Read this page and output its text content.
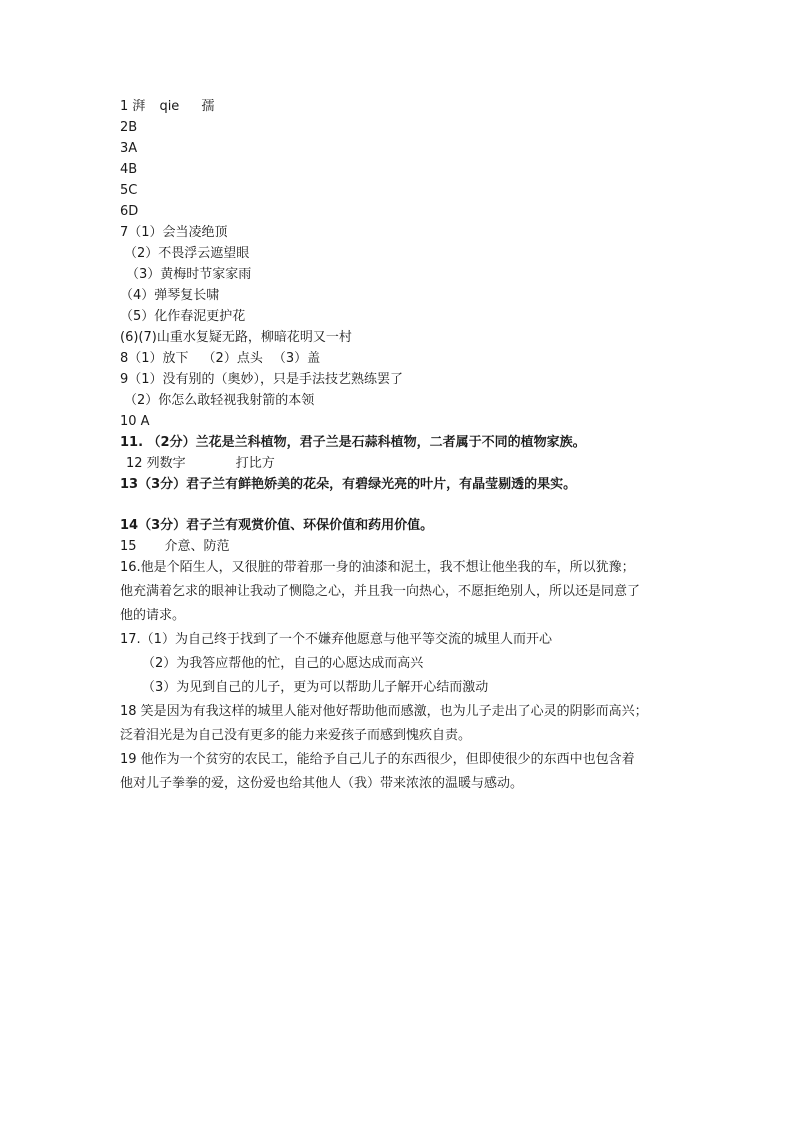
1 湃 qie 孺
2B
3A
4B
5C
6D
7（1）会当凌绝顶
（2）不畏浮云遮望眼
（3）黄梅时节家家雨
（4）弹琴复长啸
（5）化作春泥更护花
(6)(7)山重水复疑无路，柳暗花明又一村
8（1）放下 （2）点头 （3）盖
9（1）没有别的（奥妙），只是手法技艺熟练罢了
（2）你怎么敢轻视我射箭的本领
10 A
11. （2分）兰花是兰科植物，君子兰是石蒜科植物，二者属于不同的植物家族。
12 列数字	打比方
13（3分）君子兰有鲜艳娇美的花朵，有碧绿光亮的叶片，有晶莹剔透的果实。
14（3分）君子兰有观赏价值、环保价值和药用价值。
15 介意、防范
16.他是个陌生人，又很脏的带着那一身的油漆和泥土，我不想让他坐我的车，所以犹豫；
他充满着乞求的眼神让我动了恻隐之心，并且我一向热心，不愿拒绝别人，所以还是同意了
他的请求。
17.（1）为自己终于找到了一个不嫌弃他愿意与他平等交流的城里人而开心
（2）为我答应帮他的忙，自己的心愿达成而高兴
（3）为见到自己的儿子，更为可以帮助儿子解开心结而激动
18 笑是因为有我这样的城里人能对他好帮助他而感激，也为儿子走出了心灵的阴影而高兴；
泛着泪光是为自己没有更多的能力来爱孩子而感到愧疚自责。
19 他作为一个贫穷的农民工，能给予自己儿子的东西很少，但即使很少的东西中也包含着
他对儿子拳拳的爱，这份爱也给其他人（我）带来浓浓的温暖与感动。
